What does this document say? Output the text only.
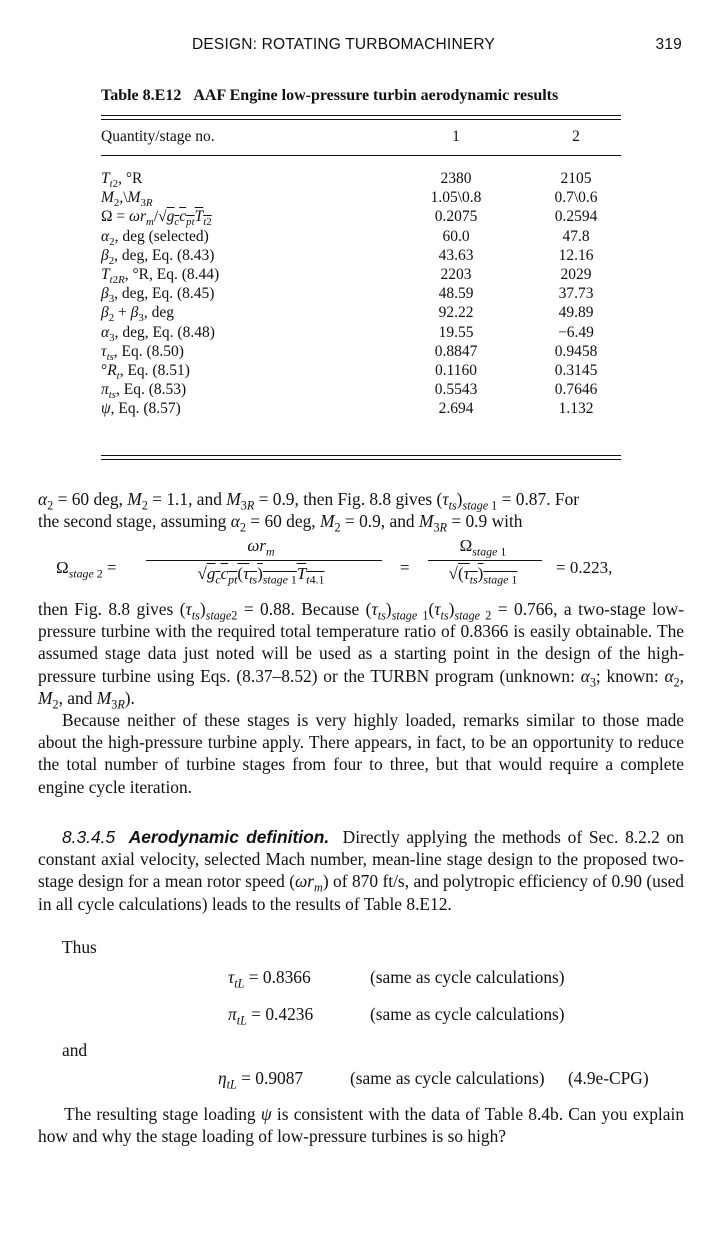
DESIGN: ROTATING TURBOMACHINERY	319
Table 8.E12 AAF Engine low-pressure turbin aerodynamic results
Quantity/stage no.	1	2
$T_{t2}$, °R	2380	2105
$M_2,\backslash M_{3R}$	1.05\0.8	0.7\0.6
$\Omega = \omega r_m/√g_cc_{pt}T_{t2}$	0.2075	0.2594
$\alpha_2$, deg (selected)	60.0	47.8
$\beta_2$, deg, Eq. (8.43)	43.63	12.16
$T_{t2R}$, °R, Eq. (8.44)	2203	2029
$\beta_3$, deg, Eq. (8.45)	48.59	37.73
$\beta_2 + \beta_3$, deg	92.22	49.89
$\alpha_3$, deg, Eq. (8.48)	19.55	−6.49
$\tau_{ts}$, Eq. (8.50)	0.8847	0.9458
$^\circ R_t$, Eq. (8.51)	0.1160	0.3145
$\pi_{ts}$, Eq. (8.53)	0.5543	0.7646
ψ, Eq. (8.57)	2.694	1.132
$\alpha_2 = 60$ deg, $M_2 = 1.1$, and $M_{3R} = 0.9$, then Fig. 8.8 gives $(\tau_{ts})_{stage}$ $_1$ = 0.87. For
the second stage, assuming $\alpha_2 = 60$ deg, $M_2 = 0.9$, and $M_{3R} = 0.9$ with
$\Omega_{stage}$ $_2$ =
$\omega r_m$
$√g_cc_{pt}(\tau_{ts})_{stage}$ $_1T_{t4.1}$
=
$\Omega_{stage}$ $_1$
$√(\tau_{ts})_{stage}$ $_1$
= 0.223,
then Fig. 8.8 gives $(\tau_{ts})_{stage2} = 0.88$. Because $(\tau_{ts})_{stage}$ $_1(\tau_{ts})_{stage}$ $_2$ = 0.766, a two-stage low-pressure turbine with the required total temperature ratio of 0.8366 is easily obtainable. The assumed stage data just noted will be used as a starting point in the design of the high-pressure turbine using Eqs. (8.37–8.52) or the TURBN program (unknown: $\alpha_3$; known: $\alpha_2$, $M_2$, and $M_{3R}$).
Because neither of these stages is very highly loaded, remarks similar to those made about the high-pressure turbine apply. There appears, in fact, to be an opportunity to reduce the total number of turbine stages from four to three, but that would require a complete engine cycle iteration.
8.3.4.5 Aerodynamic definition.  Directly applying the methods of Sec. 8.2.2 on constant axial velocity, selected Mach number, mean-line stage design to the proposed two-stage design for a mean rotor speed $(\omega r_m)$ of 870 ft/s, and polytropic efficiency of 0.90 (used in all cycle calculations) leads to the results of Table 8.E12.
Thus
$\tau_{tL} = 0.8366$	(same as cycle calculations)
$\pi_{tL} = 0.4236$	(same as cycle calculations)
and
$\eta_{tL} = 0.9087$	(same as cycle calculations) (4.9e-CPG)
The resulting stage loading ψ is consistent with the data of Table 8.4b. Can you explain how and why the stage loading of low-pressure turbines is so high?
